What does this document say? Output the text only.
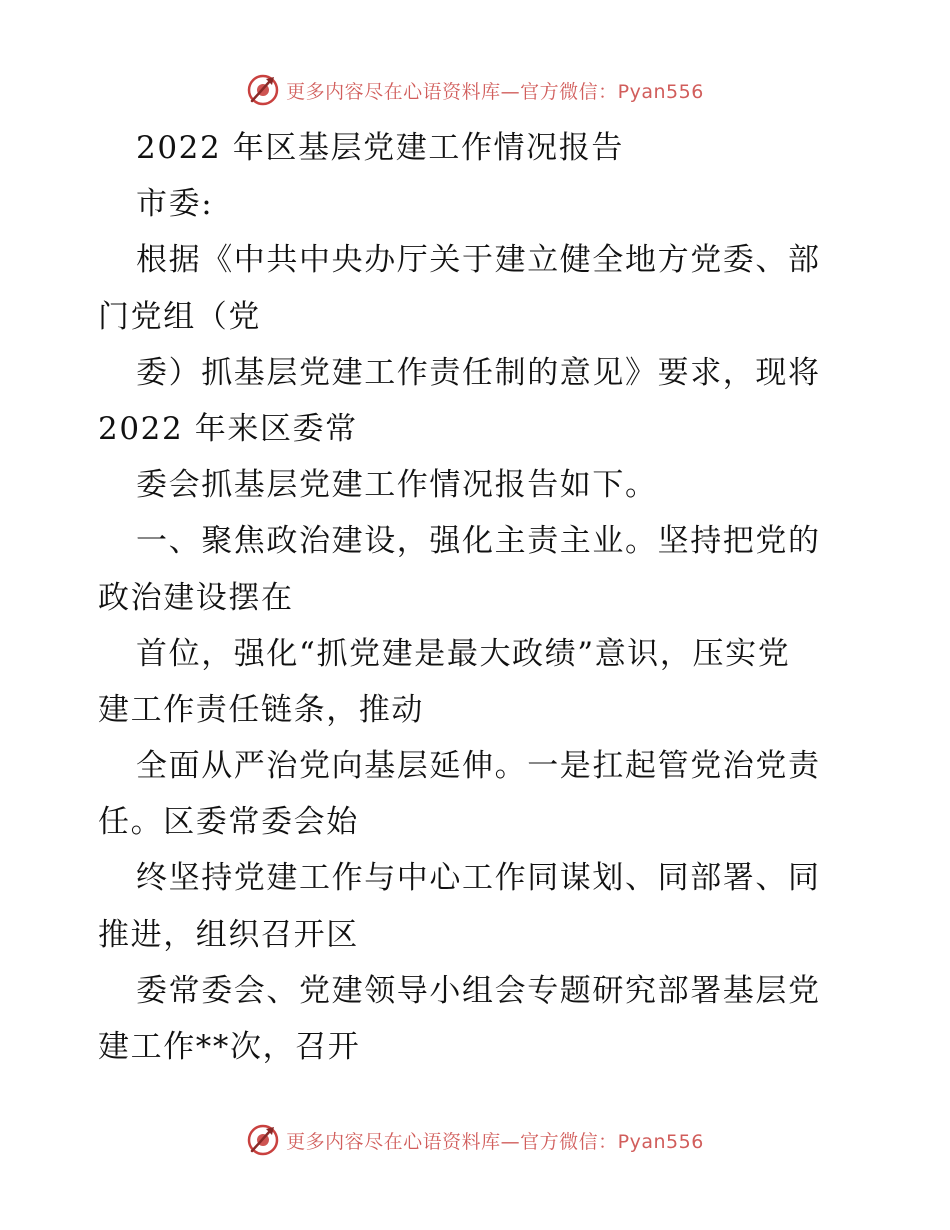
更多内容尽在心语资料库—官方微信：Pyan556
2022 年区基层党建工作情况报告
市委:
根据《中共中央办厅关于建立健全地方党委、部
门党组（党
委）抓基层党建工作责任制的意见》要求，现将
2022 年来区委常
委会抓基层党建工作情况报告如下。
一、聚焦政治建设，强化主责主业。坚持把党的
政治建设摆在
首位，强化“抓党建是最大政绩”意识，压实党
建工作责任链条，推动
全面从严治党向基层延伸。一是扛起管党治党责
任。区委常委会始
终坚持党建工作与中心工作同谋划、同部署、同
推进，组织召开区
委常委会、党建领导小组会专题研究部署基层党
建工作**次，召开
更多内容尽在心语资料库—官方微信：Pyan556
